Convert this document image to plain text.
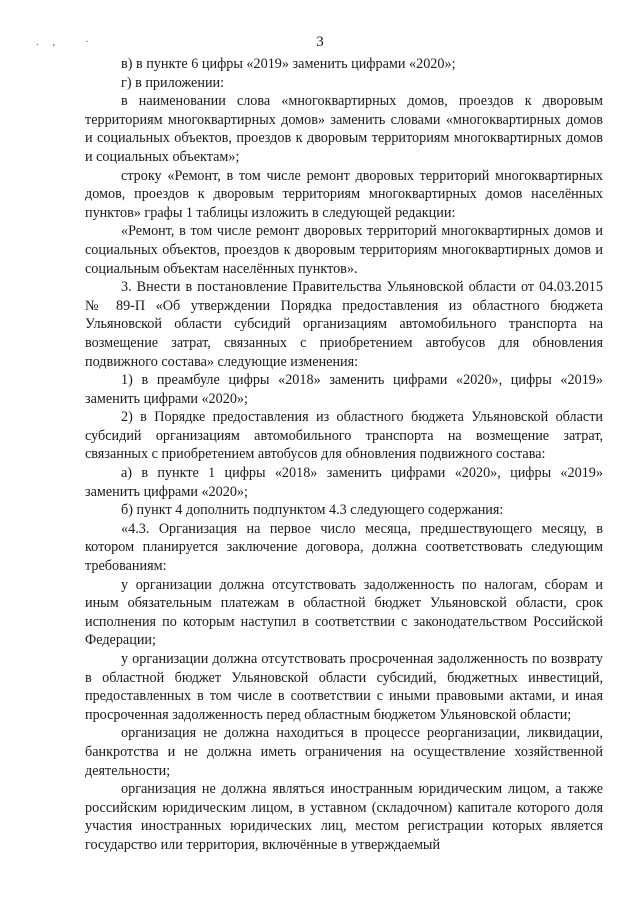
., ·	3

в) в пункте 6 цифры «2019» заменить цифрами «2020»;

г) в приложении:

в наименовании слова «многоквартирных домов, проездов к дворовым территориям многоквартирных домов» заменить словами «многоквартирных домов и социальных объектов, проездов к дворовым территориям многоквартирных домов и социальных объектам»;

строку «Ремонт, в том числе ремонт дворовых территорий многоквартирных домов, проездов к дворовым территориям многоквартирных домов населённых пунктов» графы 1 таблицы изложить в следующей редакции:

«Ремонт, в том числе ремонт дворовых территорий многоквартирных домов и социальных объектов, проездов к дворовым территориям многоквартирных домов и социальным объектам населённых пунктов».

3. Внести в постановление Правительства Ульяновской области от 04.03.2015 № 89-П «Об утверждении Порядка предоставления из областного бюджета Ульяновской области субсидий организациям автомобильного транспорта на возмещение затрат, связанных с приобретением автобусов для обновления подвижного состава» следующие изменения:

1) в преамбуле цифры «2018» заменить цифрами «2020», цифры «2019» заменить цифрами «2020»;

2) в Порядке предоставления из областного бюджета Ульяновской области субсидий организациям автомобильного транспорта на возмещение затрат, связанных с приобретением автобусов для обновления подвижного состава:

а) в пункте 1 цифры «2018» заменить цифрами «2020», цифры «2019» заменить цифрами «2020»;

б) пункт 4 дополнить подпунктом 4.3 следующего содержания:

«4.3. Организация на первое число месяца, предшествующего месяцу, в котором планируется заключение договора, должна соответствовать следующим требованиям:

у организации должна отсутствовать задолженность по налогам, сборам и иным обязательным платежам в областной бюджет Ульяновской области, срок исполнения по которым наступил в соответствии с законодательством Российской Федерации;

у организации должна отсутствовать просроченная задолженность по возврату в областной бюджет Ульяновской области субсидий, бюджетных инвестиций, предоставленных в том числе в соответствии с иными правовыми актами, и иная просроченная задолженность перед областным бюджетом Ульяновской области;

организация не должна находиться в процессе реорганизации, ликвидации, банкротства и не должна иметь ограничения на осуществление хозяйственной деятельности;

организация не должна являться иностранным юридическим лицом, а также российским юридическим лицом, в уставном (складочном) капитале которого доля участия иностранных юридических лиц, местом регистрации которых является государство или территория, включённые в утверждаемый
